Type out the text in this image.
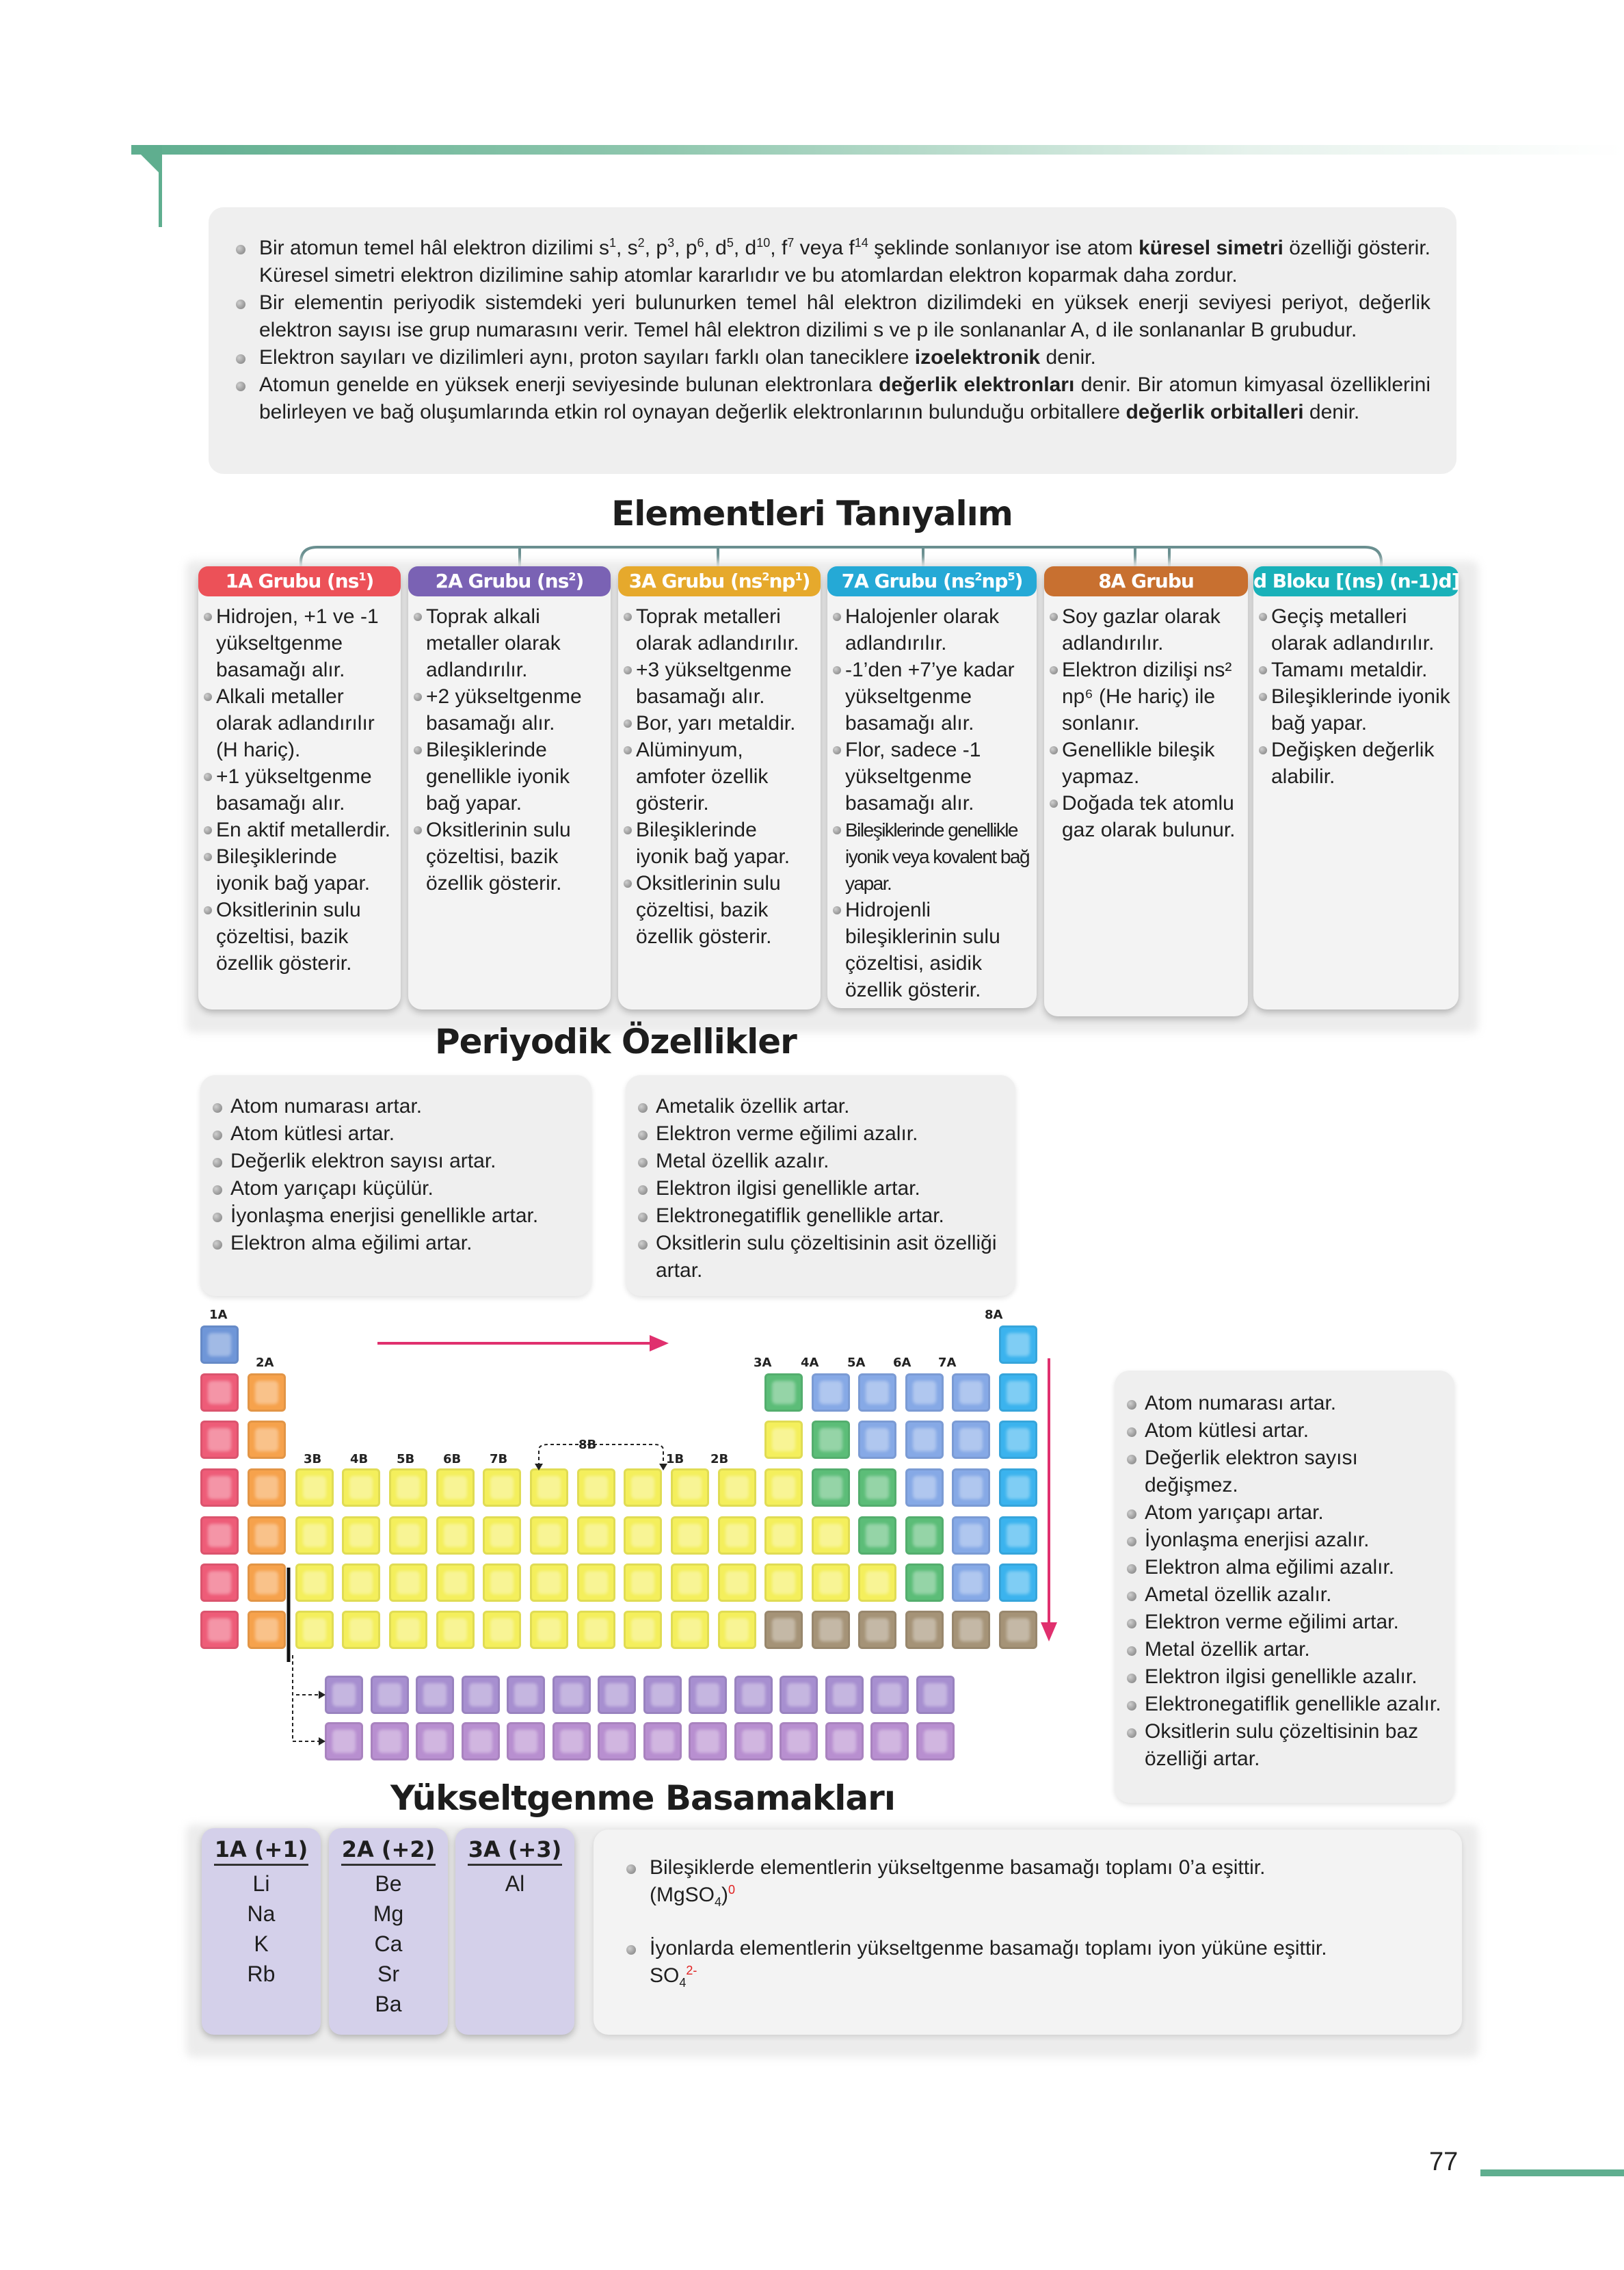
Bir atomun temel hâl elektron dizilimi $s^1$, $s^2$, $p^3$, $p^6$, $d^5$, $d^{10}$, $f^7$ veya $f^{14}$ şeklinde sonlanıyor ise atom küresel simetri özelliği gösterir. Küresel simetri elektron dizilimine sahip atomlar kararlıdır ve bu atomlardan elektron koparmak daha zordur.
Bir elementin periyodik sistemdeki yeri bulunurken temel hâl elektron dizilimdeki en yüksek enerji seviyesi periyot, değerlik elektron sayısı ise grup numarasını verir. Temel hâl elektron dizilimi s ve p ile sonlananlar A, d ile sonlananlar B grubudur.
Elektron sayıları ve dizilimleri aynı, proton sayıları farklı olan taneciklere izoelektronik denir.
Atomun genelde en yüksek enerji seviyesinde bulunan elektronlara değerlik elektronları denir. Bir atomun kimyasal özelliklerini belirleyen ve bağ oluşumlarında etkin rol oynayan değerlik elektronlarının bulunduğu orbitallere değerlik orbitalleri denir.
Elementleri Tanıyalım
1A Grubu $(ns^1)$
Hidrojen, +1 ve -1 yükseltgenme basamağı alır.
Alkali metaller olarak adlandırılır (H hariç).
+1 yükseltgenme basamağı alır.
En aktif metallerdir.
Bileşiklerinde iyonik bağ yapar.
Oksitlerinin sulu çözeltisi, bazik özellik gösterir.
2A Grubu $(ns^2)$
Toprak alkali metaller olarak adlandırılır.
+2 yükseltgenme basamağı alır.
Bileşiklerinde genellikle iyonik bağ yapar.
Oksitlerinin sulu çözeltisi, bazik özellik gösterir.
3A Grubu $(ns^2np^1)$
Toprak metalleri olarak adlandırılır.
+3 yükseltgenme basamağı alır.
Bor, yarı metaldir.
Alüminyum, amfoter özellik gösterir.
Bileşiklerinde iyonik bağ yapar.
Oksitlerinin sulu çözeltisi, bazik özellik gösterir.
7A Grubu $(ns^2np^5)$
Halojenler olarak adlandırılır.
-1’den +7’ye kadar yükseltgenme basamağı alır.
Flor, sadece -1 yükseltgenme basamağı alır.
Bileşiklerinde genellikle iyonik veya kovalent bağ yapar.
Hidrojenli bileşiklerinin sulu çözeltisi, asidik özellik gösterir.
8A Grubu
Soy gazlar olarak adlandırılır.
Elektron dizilişi ns² np⁶ (He hariç) ile sonlanır.
Genellikle bileşik yapmaz.
Doğada tek atomlu gaz olarak bulunur.
d Bloku [(ns) (n-1)d]
Geçiş metalleri olarak adlandırılır.
Tamamı metaldir.
Bileşiklerinde iyonik bağ yapar.
Değişken değerlik alabilir.
Periyodik Özellikler
Atom numarası artar.
Atom kütlesi artar.
Değerlik elektron sayısı artar.
Atom yarıçapı küçülür.
İyonlaşma enerjisi genellikle artar.
Elektron alma eğilimi artar.
Ametalik özellik artar.
Elektron verme eğilimi azalır.
Metal özellik azalır.
Elektron ilgisi genellikle artar.
Elektronegatiflik genellikle artar.
Oksitlerin sulu çözeltisinin asit özelliği artar.
1A
2A
3B 4B 5B 6B 7B
8B
1B 2B
3A 4A 5A 6A 7A
8A
Atom numarası artar.
Atom kütlesi artar.
Değerlik elektron sayısı değişmez.
Atom yarıçapı artar.
İyonlaşma enerjisi azalır.
Elektron alma eğilimi azalır.
Ametal özellik azalır.
Elektron verme eğilimi artar.
Metal özellik artar.
Elektron ilgisi genellikle azalır.
Elektronegatiflik genellikle azalır.
Oksitlerin sulu çözeltisinin baz özelliği artar.
Yükseltgenme Basamakları
1A (+1)
Li
Na
K
Rb
2A (+2)
Be
Mg
Ca
Sr
Ba
3A (+3)
Al
Bileşiklerde elementlerin yükseltgenme basamağı toplamı 0’a eşittir.
(MgSO$_4$)$^0$
İyonlarda elementlerin yükseltgenme basamağı toplamı iyon yüküne eşittir.
$SO_4^{2-}$
77
